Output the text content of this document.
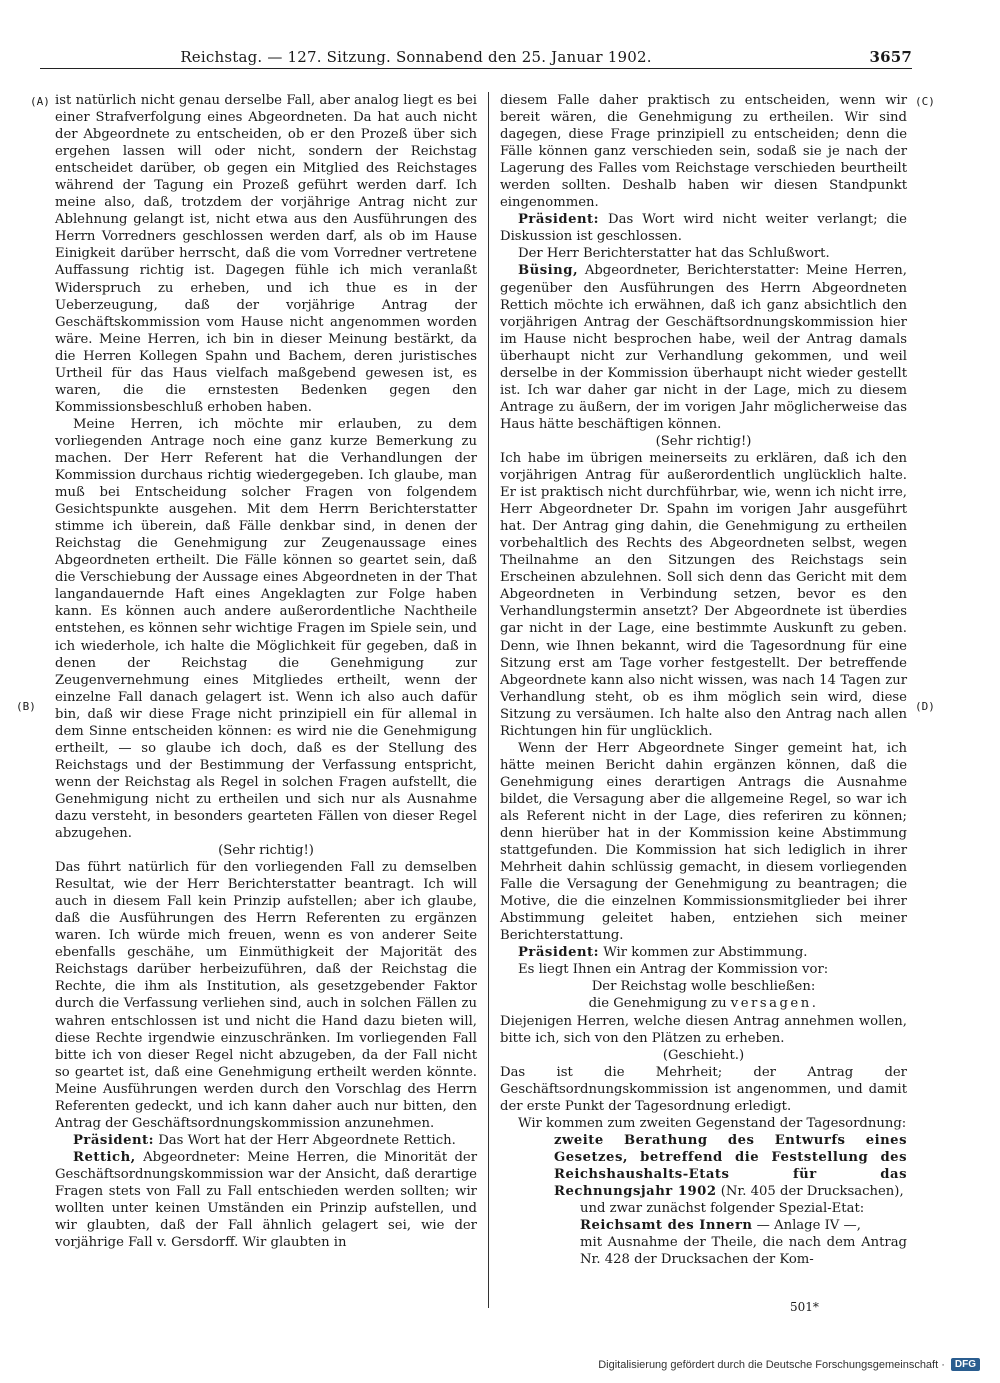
Reichstag. — 127. Sitzung. Sonnabend den 25. Januar 1902.	3657
(A)
(B)
(C)
(D)

ist natürlich nicht genau derselbe Fall, aber analog liegt es bei einer Strafverfolgung eines Abgeordneten. Da hat auch nicht der Abgeordnete zu entscheiden, ob er den Prozeß über sich ergehen lassen will oder nicht, sondern der Reichstag entscheidet darüber, ob gegen ein Mitglied des Reichstages während der Tagung ein Prozeß geführt werden darf. Ich meine also, daß, trotzdem der vorjährige Antrag nicht zur Ablehnung gelangt ist, nicht etwa aus den Ausführungen des Herrn Vorredners geschlossen werden darf, als ob im Hause Einigkeit darüber herrscht, daß die vom Vorredner vertretene Auffassung richtig ist. Dagegen fühle ich mich veranlaßt Widerspruch zu erheben, und ich thue es in der Ueberzeugung, daß der vorjährige Antrag der Geschäftskommission vom Hause nicht angenommen worden wäre. Meine Herren, ich bin in dieser Meinung bestärkt, da die Herren Kollegen Spahn und Bachem, deren juristisches Urtheil für das Haus vielfach maßgebend gewesen ist, es waren, die die ernstesten Bedenken gegen den Kommissionsbeschluß erhoben haben.

Meine Herren, ich möchte mir erlauben, zu dem vorliegenden Antrage noch eine ganz kurze Bemerkung zu machen. Der Herr Referent hat die Verhandlungen der Kommission durchaus richtig wiedergegeben. Ich glaube, man muß bei Entscheidung solcher Fragen von folgendem Gesichtspunkte ausgehen. Mit dem Herrn Berichterstatter stimme ich überein, daß Fälle denkbar sind, in denen der Reichstag die Genehmigung zur Zeugenaussage eines Abgeordneten ertheilt. Die Fälle können so geartet sein, daß die Verschiebung der Aussage eines Abgeordneten in der That langandauernde Haft eines Angeklagten zur Folge haben kann. Es können auch andere außerordentliche Nachtheile entstehen, es können sehr wichtige Fragen im Spiele sein, und ich wiederhole, ich halte die Möglichkeit für gegeben, daß in denen der Reichstag die Genehmigung zur Zeugenvernehmung eines Mitgliedes ertheilt, wenn der einzelne Fall danach gelagert ist. Wenn ich also auch dafür bin, daß wir diese Frage nicht prinzipiell ein für allemal in dem Sinne entscheiden können: es wird nie die Genehmigung ertheilt, — so glaube ich doch, daß es der Stellung des Reichstags und der Bestimmung der Verfassung entspricht, wenn der Reichstag als Regel in solchen Fragen aufstellt, die Genehmigung nicht zu ertheilen und sich nur als Ausnahme dazu versteht, in besonders gearteten Fällen von dieser Regel abzugehen.

(Sehr richtig!)

Das führt natürlich für den vorliegenden Fall zu demselben Resultat, wie der Herr Berichterstatter beantragt. Ich will auch in diesem Fall kein Prinzip aufstellen; aber ich glaube, daß die Ausführungen des Herrn Referenten zu ergänzen waren. Ich würde mich freuen, wenn es von anderer Seite ebenfalls geschähe, um Einmüthigkeit der Majorität des Reichstags darüber herbeizuführen, daß der Reichstag die Rechte, die ihm als Institution, als gesetzgebender Faktor durch die Verfassung verliehen sind, auch in solchen Fällen zu wahren entschlossen ist und nicht die Hand dazu bieten will, diese Rechte irgendwie einzuschränken. Im vorliegenden Fall bitte ich von dieser Regel nicht abzugeben, da der Fall nicht so geartet ist, daß eine Genehmigung ertheilt werden könnte. Meine Ausführungen werden durch den Vorschlag des Herrn Referenten gedeckt, und ich kann daher auch nur bitten, den Antrag der Geschäftsordnungskommission anzunehmen.

Präsident: Das Wort hat der Herr Abgeordnete Rettich.

Rettich, Abgeordneter: Meine Herren, die Minorität der Geschäftsordnungskommission war der Ansicht, daß derartige Fragen stets von Fall zu Fall entschieden werden sollten; wir wollten unter keinen Umständen ein Prinzip aufstellen, und wir glaubten, daß der Fall ähnlich gelagert sei, wie der vorjährige Fall v. Gersdorff. Wir glaubten in

diesem Falle daher praktisch zu entscheiden, wenn wir bereit wären, die Genehmigung zu ertheilen. Wir sind dagegen, diese Frage prinzipiell zu entscheiden; denn die Fälle können ganz verschieden sein, sodaß sie je nach der Lagerung des Falles vom Reichstage verschieden beurtheilt werden sollten. Deshalb haben wir diesen Standpunkt eingenommen.

Präsident: Das Wort wird nicht weiter verlangt; die Diskussion ist geschlossen.

Der Herr Berichterstatter hat das Schlußwort.

Büsing, Abgeordneter, Berichterstatter: Meine Herren, gegenüber den Ausführungen des Herrn Abgeordneten Rettich möchte ich erwähnen, daß ich ganz absichtlich den vorjährigen Antrag der Geschäftsordnungskommission hier im Hause nicht besprochen habe, weil der Antrag damals überhaupt nicht zur Verhandlung gekommen, und weil derselbe in der Kommission überhaupt nicht wieder gestellt ist. Ich war daher gar nicht in der Lage, mich zu diesem Antrage zu äußern, der im vorigen Jahr möglicherweise das Haus hätte beschäftigen können.

(Sehr richtig!)

Ich habe im übrigen meinerseits zu erklären, daß ich den vorjährigen Antrag für außerordentlich unglücklich halte. Er ist praktisch nicht durchführbar, wie, wenn ich nicht irre, Herr Abgeordneter Dr. Spahn im vorigen Jahr ausgeführt hat. Der Antrag ging dahin, die Genehmigung zu ertheilen vorbehaltlich des Rechts des Abgeordneten selbst, wegen Theilnahme an den Sitzungen des Reichstags sein Erscheinen abzulehnen. Soll sich denn das Gericht mit dem Abgeordneten in Verbindung setzen, bevor es den Verhandlungstermin ansetzt? Der Abgeordnete ist überdies gar nicht in der Lage, eine bestimmte Auskunft zu geben. Denn, wie Ihnen bekannt, wird die Tagesordnung für eine Sitzung erst am Tage vorher festgestellt. Der betreffende Abgeordnete kann also nicht wissen, was nach 14 Tagen zur Verhandlung steht, ob es ihm möglich sein wird, diese Sitzung zu versäumen. Ich halte also den Antrag nach allen Richtungen hin für unglücklich.

Wenn der Herr Abgeordnete Singer gemeint hat, ich hätte meinen Bericht dahin ergänzen können, daß die Genehmigung eines derartigen Antrags die Ausnahme bildet, die Versagung aber die allgemeine Regel, so war ich als Referent nicht in der Lage, dies referiren zu können; denn hierüber hat in der Kommission keine Abstimmung stattgefunden. Die Kommission hat sich lediglich in ihrer Mehrheit dahin schlüssig gemacht, in diesem vorliegenden Falle die Versagung der Genehmigung zu beantragen; die Motive, die die einzelnen Kommissionsmitglieder bei ihrer Abstimmung geleitet haben, entziehen sich meiner Berichterstattung.

Präsident: Wir kommen zur Abstimmung.

Es liegt Ihnen ein Antrag der Kommission vor:

Der Reichstag wolle beschließen:

die Genehmigung zu versagen.

Diejenigen Herren, welche diesen Antrag annehmen wollen, bitte ich, sich von den Plätzen zu erheben.

(Geschieht.)

Das ist die Mehrheit; der Antrag der Geschäftsordnungskommission ist angenommen, und damit der erste Punkt der Tagesordnung erledigt.

Wir kommen zum zweiten Gegenstand der Tagesordnung:

zweite Berathung des Entwurfs eines Gesetzes, betreffend die Feststellung des Reichshaushalts-Etats für das Rechnungsjahr 1902 (Nr. 405 der Drucksachen),

und zwar zunächst folgender Spezial-Etat:

Reichsamt des Innern — Anlage IV —,

mit Ausnahme der Theile, die nach dem Antrag Nr. 428 der Drucksachen der Kom-

501*
Digitalisierung gefördert durch die Deutsche Forschungsgemeinschaft ·	DFG
